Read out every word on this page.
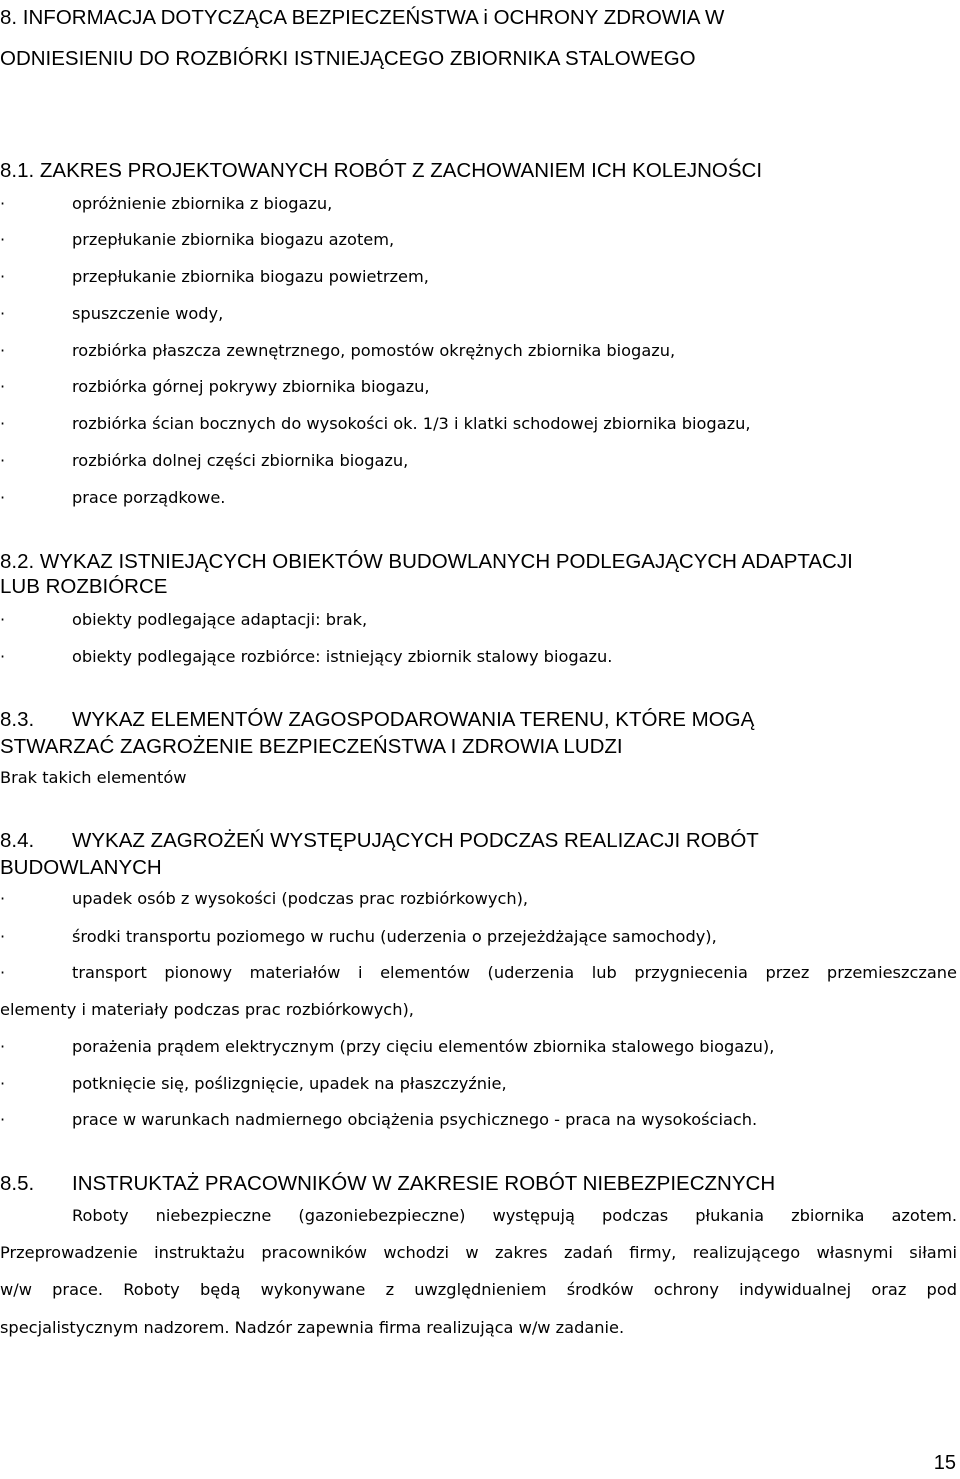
8. INFORMACJA DOTYCZĄCA BEZPIECZEŃSTWA i OCHRONY ZDROWIA W
ODNIESIENIU DO ROZBIÓRKI ISTNIEJĄCEGO ZBIORNIKA STALOWEGO
8.1. ZAKRES PROJEKTOWANYCH ROBÓT Z ZACHOWANIEM ICH KOLEJNOŚCI
·	opróżnienie zbiornika z biogazu,
·	przepłukanie zbiornika biogazu azotem,
·	przepłukanie zbiornika biogazu powietrzem,
·	spuszczenie wody,
·	rozbiórka płaszcza zewnętrznego, pomostów okrężnych zbiornika biogazu,
·	rozbiórka górnej pokrywy zbiornika biogazu,
·	rozbiórka ścian bocznych do wysokości ok. 1/3 i klatki schodowej zbiornika biogazu,
·	rozbiórka dolnej części zbiornika biogazu,
·	prace porządkowe.
8.2. WYKAZ ISTNIEJĄCYCH OBIEKTÓW BUDOWLANYCH PODLEGAJĄCYCH ADAPTACJI
LUB ROZBIÓRCE
·	obiekty podlegające adaptacji: brak,
·	obiekty podlegające rozbiórce: istniejący zbiornik stalowy biogazu.
8.3. WYKAZ ELEMENTÓW ZAGOSPODAROWANIA TERENU, KTÓRE MOGĄ
STWARZAĆ ZAGROŻENIE BEZPIECZEŃSTWA I ZDROWIA LUDZI
Brak takich elementów
8.4. WYKAZ ZAGROŻEŃ WYSTĘPUJĄCYCH PODCZAS REALIZACJI ROBÓT
BUDOWLANYCH
·	upadek osób z wysokości (podczas prac rozbiórkowych),
·	środki transportu poziomego w ruchu (uderzenia o przejeżdżające samochody),
·	transport pionowy materiałów i elementów (uderzenia lub przygniecenia przez przemieszczane
elementy i materiały podczas prac rozbiórkowych),
·	porażenia prądem elektrycznym (przy cięciu elementów zbiornika stalowego biogazu),
·	potknięcie się, poślizgnięcie, upadek na płaszczyźnie,
·	prace w warunkach nadmiernego obciążenia psychicznego - praca na wysokościach.
8.5. INSTRUKTAŻ PRACOWNIKÓW W ZAKRESIE ROBÓT NIEBEZPIECZNYCH
Roboty niebezpieczne (gazoniebezpieczne) występują podczas płukania zbiornika azotem.
Przeprowadzenie instruktażu pracowników wchodzi w zakres zadań firmy, realizującego własnymi siłami
w/w prace. Roboty będą wykonywane z uwzględnieniem środków ochrony indywidualnej oraz pod
specjalistycznym nadzorem. Nadzór zapewnia firma realizująca w/w zadanie.
15
